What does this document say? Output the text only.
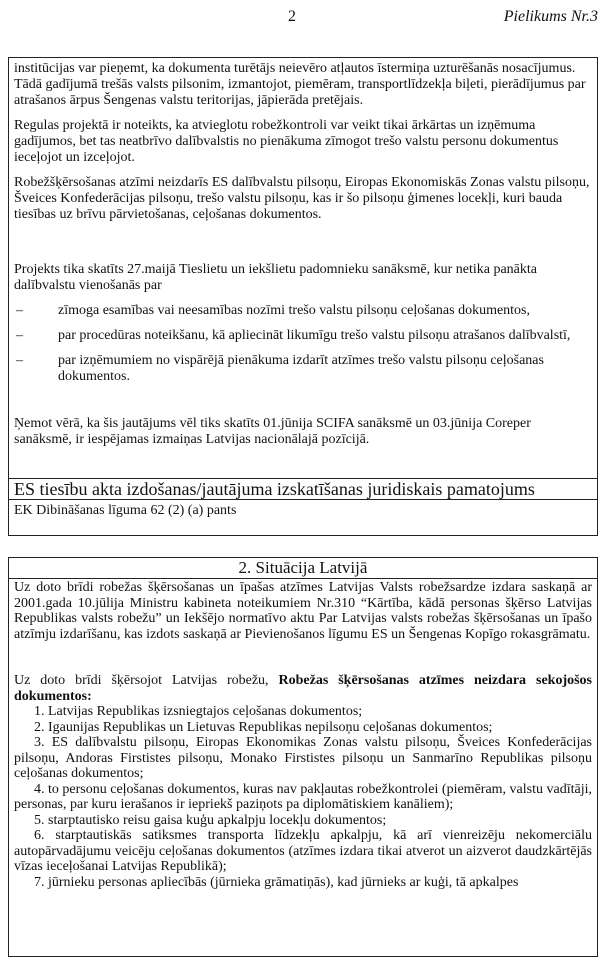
2	Pielikums Nr.3

institūcijas var pieņemt, ka dokumenta turētājs neievēro atļautos īstermiņa uzturēšanās nosacījumus. Tādā gadījumā trešās valsts pilsonim, izmantojot, piemēram, transportlīdzekļa biļeti, pierādījumus par atrašanos ārpus Šengenas valstu teritorijas, jāpierāda pretējais.

Regulas projektā ir noteikts, ka atvieglotu robežkontroli var veikt tikai ārkārtas un izņēmuma gadījumos, bet tas neatbrīvo dalībvalstis no pienākuma zīmogot trešo valstu personu dokumentus ieceļojot un izceļojot.

Robežšķērsošanas atzīmi neizdarīs ES dalībvalstu pilsoņu, Eiropas Ekonomiskās Zonas valstu pilsoņu, Šveices Konfederācijas pilsoņu, trešo valstu pilsoņu, kas ir šo pilsoņu ģimenes locekļi, kuri bauda tiesības uz brīvu pārvietošanas, ceļošanas dokumentos.

Projekts tika skatīts 27.maijā Tieslietu un iekšlietu padomnieku sanāksmē, kur netika panākta dalībvalstu vienošanās par

–	zīmoga esamības vai neesamības nozīmi trešo valstu pilsoņu ceļošanas dokumentos,
–	par procedūras noteikšanu, kā apliecināt likumīgu trešo valstu pilsoņu atrašanos dalībvalstī,
–	par izņēmumiem no vispārējā pienākuma izdarīt atzīmes trešo valstu pilsoņu ceļošanas dokumentos.

Ņemot vērā, ka šis jautājums vēl tiks skatīts 01.jūnija SCIFA sanāksmē un 03.jūnija Coreper sanāksmē, ir iespējamas izmaiņas Latvijas nacionālajā pozīcijā.

ES tiesību akta izdošanas/jautājuma izskatīšanas juridiskais pamatojums
EK Dibināšanas līguma 62 (2) (a) pants
2. Situācija Latvijā

Uz doto brīdi robežas šķērsošanas un īpašas atzīmes Latvijas Valsts robežsardze izdara saskaņā ar 2001.gada 10.jūlija Ministru kabineta noteikumiem Nr.310 “Kārtība, kādā personas šķērso Latvijas Republikas valsts robežu” un Iekšējo normatīvo aktu Par Latvijas valsts robežas šķērsošanas un īpašo atzīmju izdarīšanu, kas izdots saskaņā ar Pievienošanos līgumu ES un Šengenas Kopīgo rokasgrāmatu.

Uz doto brīdi šķērsojot Latvijas robežu, Robežas šķērsošanas atzīmes neizdara sekojošos dokumentos:

1. Latvijas Republikas izsniegtajos ceļošanas dokumentos;

2. Igaunijas Republikas un Lietuvas Republikas nepilsoņu ceļošanas dokumentos;

3. ES dalībvalstu pilsoņu, Eiropas Ekonomikas Zonas valstu pilsoņu, Šveices Konfederācijas pilsoņu, Andoras Firstistes pilsoņu, Monako Firstistes pilsoņu un Sanmarīno Republikas pilsoņu ceļošanas dokumentos;

4. to personu ceļošanas dokumentos, kuras nav pakļautas robežkontrolei (piemēram, valstu vadītāji, personas, par kuru ierašanos ir iepriekš paziņots pa diplomātiskiem kanāliem);

5. starptautisko reisu gaisa kuģu apkalpju locekļu dokumentos;

6. starptautiskās satiksmes transporta līdzekļu apkalpju, kā arī vienreizēju nekomerciālu autopārvadājumu veicēju ceļošanas dokumentos (atzīmes izdara tikai atverot un aizverot daudzkārtējās vīzas ieceļošanai Latvijas Republikā);

7. jūrnieku personas apliecībās (jūrnieka grāmatiņās), kad jūrnieks ar kuģi, tā apkalpes
